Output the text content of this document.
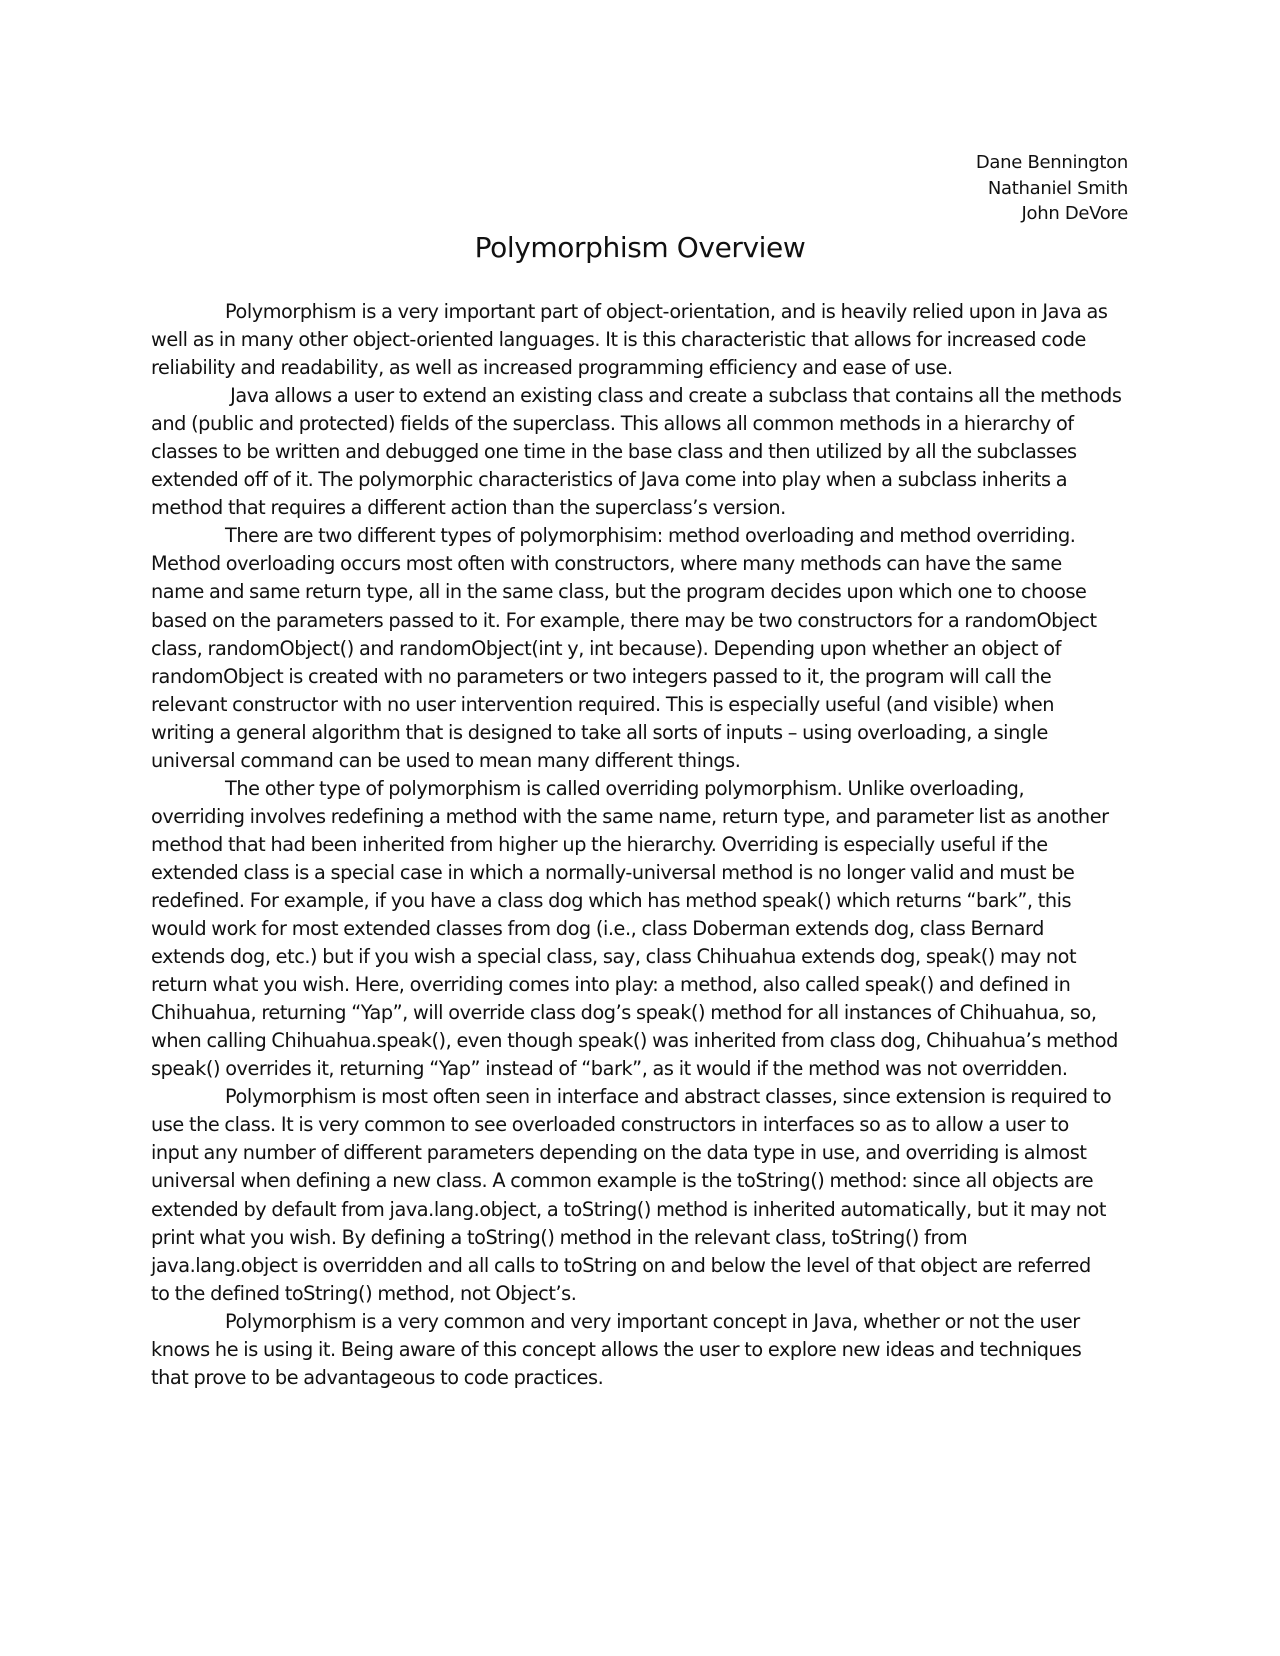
Dane Bennington
Nathaniel Smith
John DeVore
Polymorphism Overview

Polymorphism is a very important part of object-orientation, and is heavily relied upon in Java as
well as in many other object-oriented languages. It is this characteristic that allows for increased code
reliability and readability, as well as increased programming efficiency and ease of use.

Java allows a user to extend an existing class and create a subclass that contains all the methods
and (public and protected) fields of the superclass. This allows all common methods in a hierarchy of
classes to be written and debugged one time in the base class and then utilized by all the subclasses
extended off of it. The polymorphic characteristics of Java come into play when a subclass inherits a
method that requires a different action than the superclass’s version.

There are two different types of polymorphisim: method overloading and method overriding.
Method overloading occurs most often with constructors, where many methods can have the same
name and same return type, all in the same class, but the program decides upon which one to choose
based on the parameters passed to it. For example, there may be two constructors for a randomObject
class, randomObject() and randomObject(int y, int because). Depending upon whether an object of
randomObject is created with no parameters or two integers passed to it, the program will call the
relevant constructor with no user intervention required. This is especially useful (and visible) when
writing a general algorithm that is designed to take all sorts of inputs – using overloading, a single
universal command can be used to mean many different things.

The other type of polymorphism is called overriding polymorphism. Unlike overloading,
overriding involves redefining a method with the same name, return type, and parameter list as another
method that had been inherited from higher up the hierarchy. Overriding is especially useful if the
extended class is a special case in which a normally-universal method is no longer valid and must be
redefined. For example, if you have a class dog which has method speak() which returns “bark”, this
would work for most extended classes from dog (i.e., class Doberman extends dog, class Bernard
extends dog, etc.) but if you wish a special class, say, class Chihuahua extends dog, speak() may not
return what you wish. Here, overriding comes into play: a method, also called speak() and defined in
Chihuahua, returning “Yap”, will override class dog’s speak() method for all instances of Chihuahua, so,
when calling Chihuahua.speak(), even though speak() was inherited from class dog, Chihuahua’s method
speak() overrides it, returning “Yap” instead of “bark”, as it would if the method was not overridden.

Polymorphism is most often seen in interface and abstract classes, since extension is required to
use the class. It is very common to see overloaded constructors in interfaces so as to allow a user to
input any number of different parameters depending on the data type in use, and overriding is almost
universal when defining a new class. A common example is the toString() method: since all objects are
extended by default from java.lang.object, a toString() method is inherited automatically, but it may not
print what you wish. By defining a toString() method in the relevant class, toString() from
java.lang.object is overridden and all calls to toString on and below the level of that object are referred
to the defined toString() method, not Object’s.

Polymorphism is a very common and very important concept in Java, whether or not the user
knows he is using it. Being aware of this concept allows the user to explore new ideas and techniques
that prove to be advantageous to code practices.
